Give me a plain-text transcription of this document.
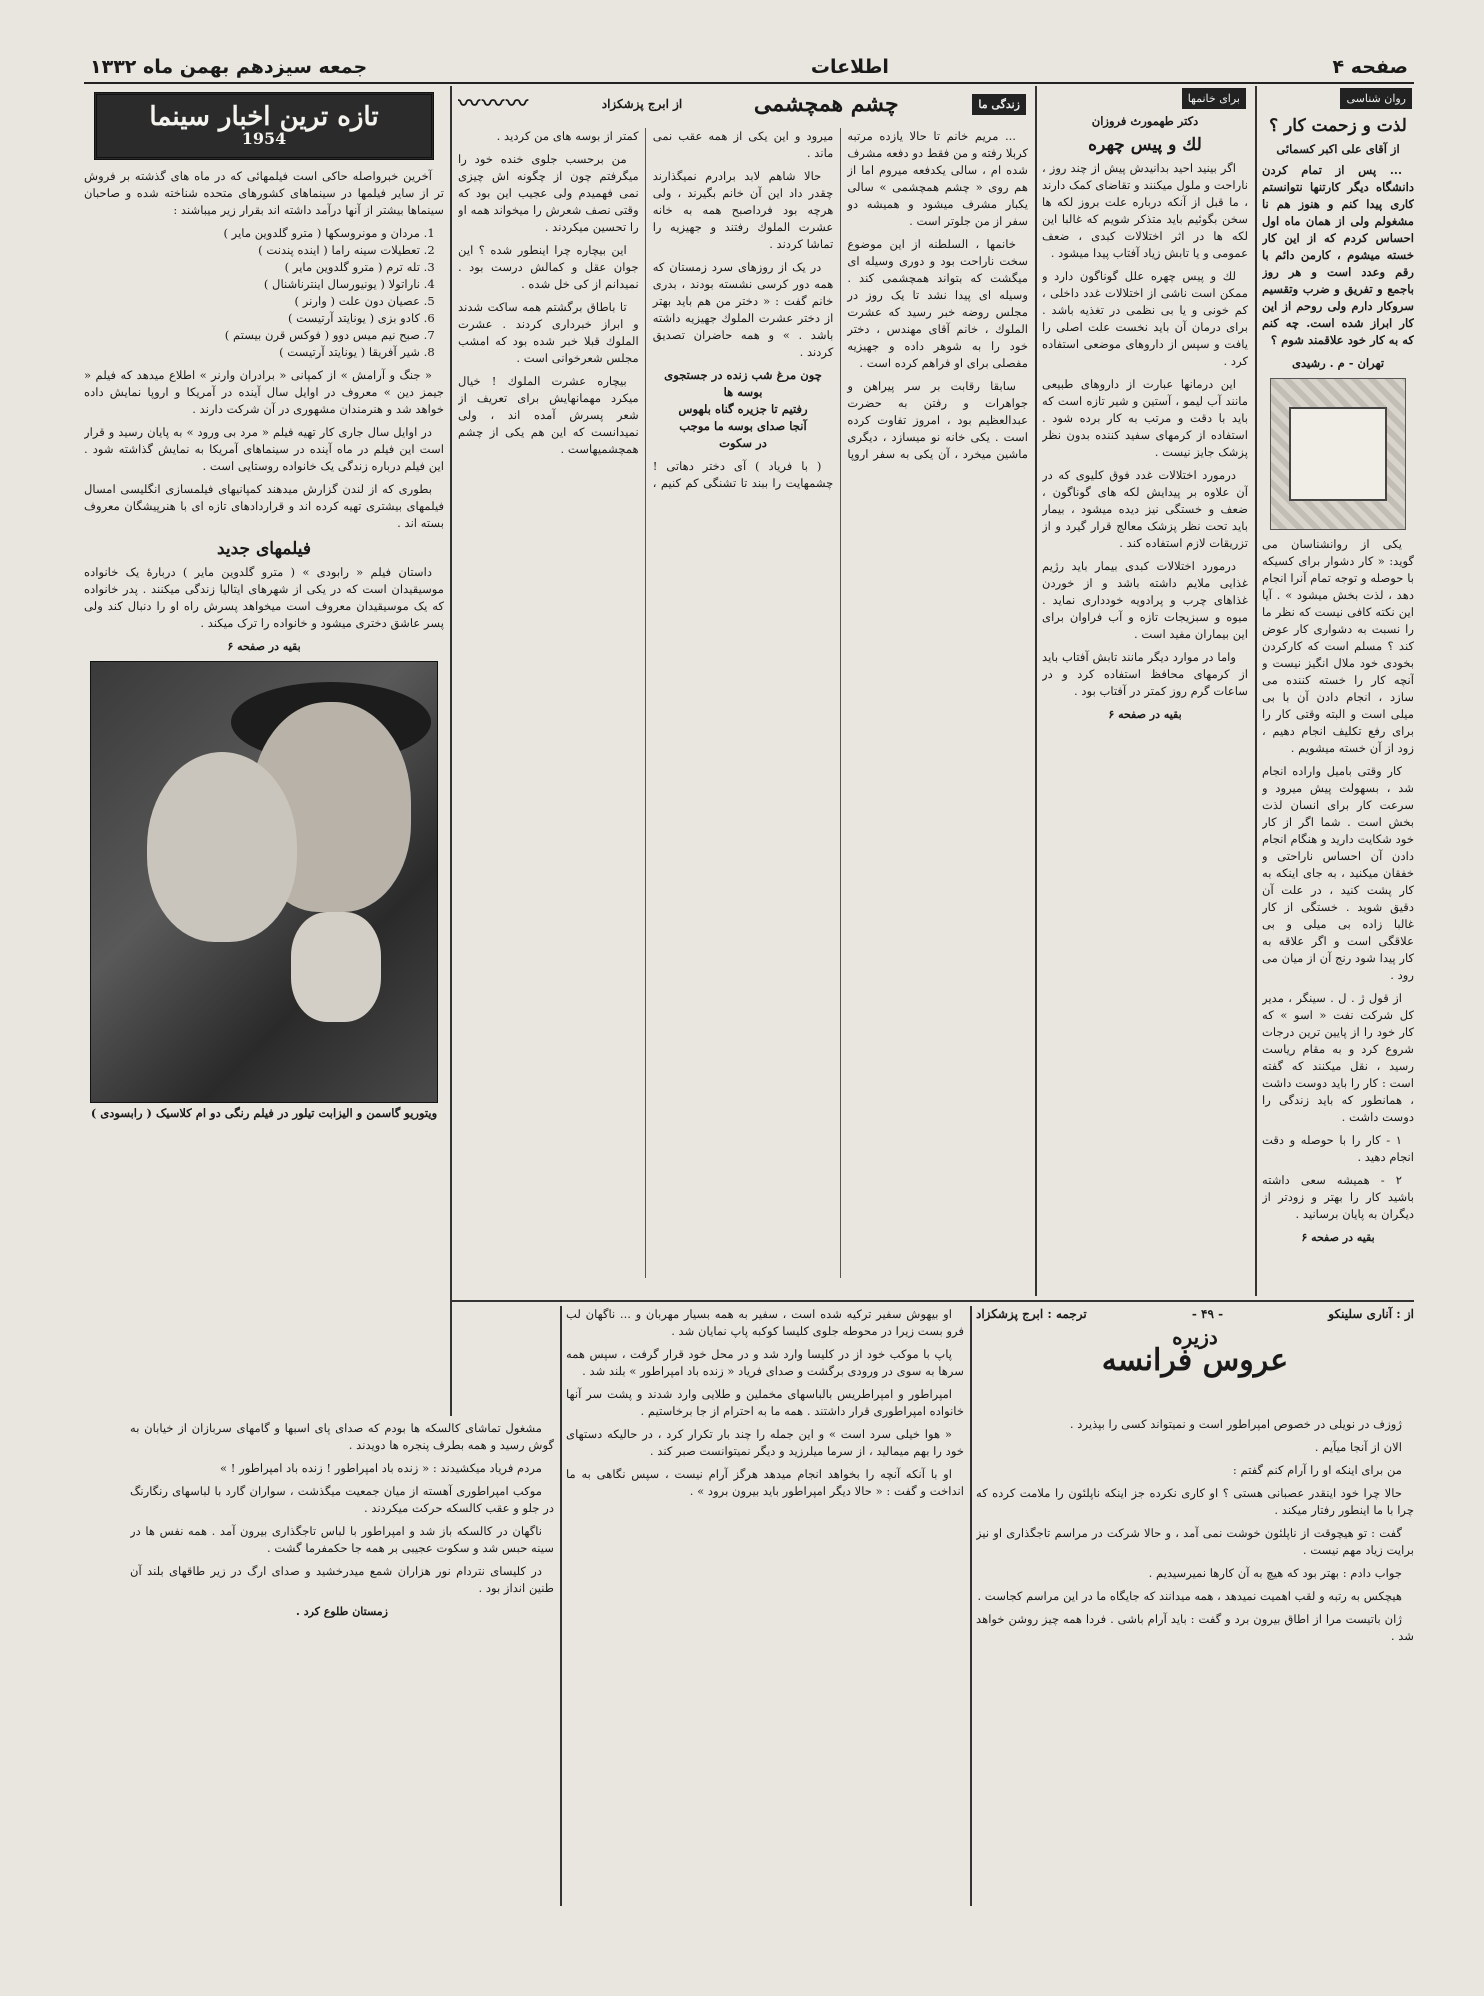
صفحه ۴
اطلاعات
جمعه سیزدهم بهمن ماه ۱۳۳۲
روان شناسی
لذت و زحمت کار ؟
از آقای علی اکبر کسمائی

... پس از تمام کردن دانشگاه دیگر کارتنها نتوانستم کاری پیدا کنم و هنوز هم نا مشغولم ولی از همان ماه اول احساس کردم که از این کار خسته میشوم ، کارمن دائم با رقم وعدد است و هر روز باجمع و تفریق و ضرب وتقسیم سروکار دارم ولی روحم از این کار ابراز شده است. چه کنم که به کار خود علاقمند شوم ؟

تهران - م . رشیدی

یکی از روانشناسان می گوید: « کار دشوار برای کسیکه با حوصله و توجه تمام آنرا انجام دهد ، لذت بخش میشود » . آیا این نکته کافی نیست که نظر ما را نسبت به دشواری کار عوض کند ؟ مسلم است که کارکردن بخودی خود ملال انگیز نیست و آنچه کار را خسته کننده می سازد ، انجام دادن آن با بی میلی است و البته وقتی کار را برای رفع تکلیف انجام دهیم ، زود از آن خسته میشویم .

کار وقتی بامیل واراده انجام شد ، بسهولت پیش میرود و سرعت کار برای انسان لذت بخش است . شما اگر از کار خود شکایت دارید و هنگام انجام دادن آن احساس ناراحتی و خفقان میکنید ، به جای اینکه به کار پشت کنید ، در علت آن دقیق شوید . خستگی از کار غالبا زاده بی میلی و بی علاقگی است و اگر علاقه به کار پیدا شود رنج آن از میان می رود .

از قول ژ . ل . سینگر ، مدیر کل شرکت نفت « اسو » که کار خود را از پایین ترین درجات شروع کرد و به مقام ریاست رسید ، نقل میکنند که گفته است : کار را باید دوست داشت ، همانطور که باید زندگی را دوست داشت .

۱ - کار را با حوصله و دقت انجام دهید .

۲ - همیشه سعی داشته باشید کار را بهتر و زودتر از دیگران به پایان برسانید .

بقیه در صفحه ۶
برای خانمها
دکتر طهمورث فروزان
لك و پیس چهره

اگر بینید احید بدانیدش پیش از چند روز ، ناراحت و ملول میکنند و تقاضای کمک دارند ، ما قبل از آنکه درباره علت بروز لکه ها سخن بگوئیم باید متذکر شویم که غالبا این لکه ها در اثر اختلالات کبدی ، ضعف عمومی و یا تابش زیاد آفتاب پیدا میشود .

لك و پیس چهره علل گوناگون دارد و ممکن است ناشی از اختلالات غدد داخلی ، کم خونی و یا بی نظمی در تغذیه باشد . برای درمان آن باید نخست علت اصلی را یافت و سپس از داروهای موضعی استفاده کرد .

این درمانها عبارت از داروهای طبیعی مانند آب لیمو ، آستین و شیر تازه است که باید با دقت و مرتب به کار برده شود . استفاده از کرمهای سفید کننده بدون نظر پزشک جایز نیست .

درمورد اختلالات غدد فوق کلیوی که در آن علاوه بر پیدایش لکه های گوناگون ، ضعف و خستگی نیز دیده میشود ، بیمار باید تحت نظر پزشک معالج قرار گیرد و از تزریقات لازم استفاده کند .

درمورد اختلالات کبدی بیمار باید رژیم غذایی ملایم داشته باشد و از خوردن غذاهای چرب و پرادویه خودداری نماید . میوه و سبزیجات تازه و آب فراوان برای این بیماران مفید است .

واما در موارد دیگر مانند تابش آفتاب باید از کرمهای محافظ استفاده کرد و در ساعات گرم روز کمتر در آفتاب بود .

بقیه در صفحه ۶
زندگی ما
چشم همچشمی
از ابرج پزشکزاد
〰〰〰

... مریم خانم تا حالا یازده مرتبه کربلا رفته و من فقط دو دفعه مشرف شده ام ، سالی یکدفعه میروم اما از هم روی « چشم همچشمی » سالی یکبار مشرف میشود و همیشه دو سفر از من جلوتر است .

خانمها ، السلطنه از این موضوع سخت ناراحت بود و دوری وسیله ای میگشت که بتواند همچشمی کند . وسیله ای پیدا نشد تا یک روز در مجلس روضه خبر رسید که عشرت الملوك ، خانم آقای مهندس ، دختر خود را به شوهر داده و جهیزیه مفصلی برای او فراهم کرده است .

سابقا رقابت بر سر پیراهن و جواهرات و رفتن به حضرت عبدالعظیم بود ، امروز تفاوت کرده است . یکی خانه نو میسازد ، دیگری ماشین میخرد ، آن یکی به سفر اروپا میرود و این یکی از همه عقب نمی ماند .

حالا شاهم لابد برادرم نمیگذارند چقدر داد این آن خانم بگیرند ، ولی هرچه بود فرداصبح همه به خانه عشرت الملوك رفتند و جهیزیه را تماشا کردند .

در یک از روزهای سرد زمستان که همه دور کرسی نشسته بودند ، بدری خانم گفت : « دختر من هم باید بهتر از دختر عشرت الملوك جهیزیه داشته باشد . » و همه حاضران تصدیق کردند .

چون مرغ شب زنده در جستجوی بوسه ها
رفتیم تا جزیره گناه بلهوس
آنجا صدای بوسه ما موجب
در سکوت

( با فریاد ) آی دختر دهاتی ! چشمهایت را ببند تا تشنگی کم کنیم ، کمتر از بوسه های من کردید .

من برحسب جلوی خنده خود را میگرفتم چون از چگونه اش چیزی نمی فهمیدم ولی عجیب این بود که وقتی نصف شعرش را میخواند همه او را تحسین میکردند .

این بیچاره چرا اینطور شده ؟ این جوان عقل و کمالش درست بود . نمیدانم از کی خل شده .

تا باطاق برگشتم همه ساکت شدند و ابراز خبرداری کردند . عشرت الملوك قبلا خبر شده بود که امشب مجلس شعرخوانی است .

بیچاره عشرت الملوك ! خیال میکرد مهمانهایش برای تعریف از شعر پسرش آمده اند ، ولی نمیدانست که این هم یکی از چشم همچشمیهاست .

تازه ترین اخبار سینما
1954

آخرین خبرواصله حاکی است فیلمهائی که در ماه های گذشته بر فروش تر از سایر فیلمها در سینماهای کشورهای متحده شناخته شده و صاحبان سینماها بیشتر از آنها درآمد داشته اند بقرار زیر میباشند :

1. مردان و مونروسکها ( مترو گلدوین مایر )
2. تعطیلات سینه راما ( اینده پندنت )
3. تله ترم ( مترو گلدوین مایر )
4. ناراتولا ( یونیورسال اینترناشنال )
5. عصیان دون علت ( وارنر )
6. کادو بزی ( یونایتد آرتیست )
7. صبح نیم میس دوو ( فوکس قرن بیستم )
8. شیر آفریقا ( یونایتد آرتیست )

« جنگ و آرامش » از کمپانی « برادران وارنر » اطلاع میدهد که فیلم « جیمز دین » معروف در اوایل سال آینده در آمریکا و اروپا نمایش داده خواهد شد و هنرمندان مشهوری در آن شرکت دارند .

در اوایل سال جاری کار تهیه فیلم « مرد بی ورود » به پایان رسید و قرار است این فیلم در ماه آینده در سینماهای آمریکا به نمایش گذاشته شود . این فیلم درباره زندگی یک خانواده روستایی است .

بطوری که از لندن گزارش میدهند کمپانیهای فیلمسازی انگلیسی امسال فیلمهای بیشتری تهیه کرده اند و قراردادهای تازه ای با هنرپیشگان معروف بسته اند .

فیلمهای جدید

داستان فیلم « رابودی » ( مترو گلدوین مایر ) دربارهٔ یک خانواده موسیقیدان است که در یکی از شهرهای ایتالیا زندگی میکنند . پدر خانواده که یک موسیقیدان معروف است میخواهد پسرش راه او را دنبال کند ولی پسر عاشق دختری میشود و خانواده را ترک میکند .

بقیه در صفحه ۶
ویتوریو گاسمن و الیزابت تیلور در فیلم رنگی دو ام کلاسیک ( رابسودی )
از : آناری سلینکو
- ۴۹ -
ترجمه : ابرج پزشکزاد
دزیره
عروس فرانسه

ژوزف در نویلی در خصوص امپراطور است و نمیتواند کسی را بپذیرد .

الان از آنجا میآیم .

من برای اینکه او را آرام کنم گفتم :

حالا چرا خود اینقدر عصبانی هستی ؟ او کاری نکرده جز اینکه ناپلئون را ملامت کرده که چرا با ما اینطور رفتار میکند .

گفت : تو هیچوقت از ناپلئون خوشت نمی آمد ، و حالا شرکت در مراسم تاجگذاری او نیز برایت زیاد مهم نیست .

جواب دادم : بهتر بود که هیچ به آن کارها نمیرسیدیم .

هیچکس به رتبه و لقب اهمیت نمیدهد ، همه میدانند که جایگاه ما در این مراسم کجاست .

ژان باتیست مرا از اطاق بیرون برد و گفت : باید آرام باشی . فردا همه چیز روشن خواهد شد .

او بیهوش سفیر ترکیه شده است ، سفیر به همه بسیار مهربان و ... ناگهان لب فرو بست زیرا در محوطه جلوی کلیسا کوکبه پاپ نمایان شد .

پاپ با موکب خود از در کلیسا وارد شد و در محل خود قرار گرفت ، سپس همه سرها به سوی در ورودی برگشت و صدای فریاد « زنده باد امپراطور » بلند شد .

امپراطور و امپراطریس بالباسهای مخملین و طلایی وارد شدند و پشت سر آنها خانواده امپراطوری قرار داشتند . همه ما به احترام از جا برخاستیم .

« هوا خیلی سرد است » و این جمله را چند بار تکرار کرد ، در حالیکه دستهای خود را بهم میمالید ، از سرما میلرزید و دیگر نمیتوانست صبر کند .

او با آنکه آنچه را بخواهد انجام میدهد هرگز آرام نیست ، سپس نگاهی به ما انداخت و گفت : « حالا دیگر امپراطور باید بیرون برود » .

مشغول تماشای کالسکه ها بودم که صدای پای اسبها و گامهای سربازان از خیابان به گوش رسید و همه بطرف پنجره ها دویدند .

مردم فریاد میکشیدند : « زنده باد امپراطور ! زنده باد امپراطور ! »

موکب امپراطوری آهسته از میان جمعیت میگذشت ، سواران گارد با لباسهای رنگارنگ در جلو و عقب کالسکه حرکت میکردند .

ناگهان در کالسکه باز شد و امپراطور با لباس تاجگذاری بیرون آمد . همه نفس ها در سینه حبس شد و سکوت عجیبی بر همه جا حکمفرما گشت .

در کلیسای نتردام نور هزاران شمع میدرخشید و صدای ارگ در زیر طاقهای بلند آن طنین انداز بود .

زمستان طلوع کرد .
